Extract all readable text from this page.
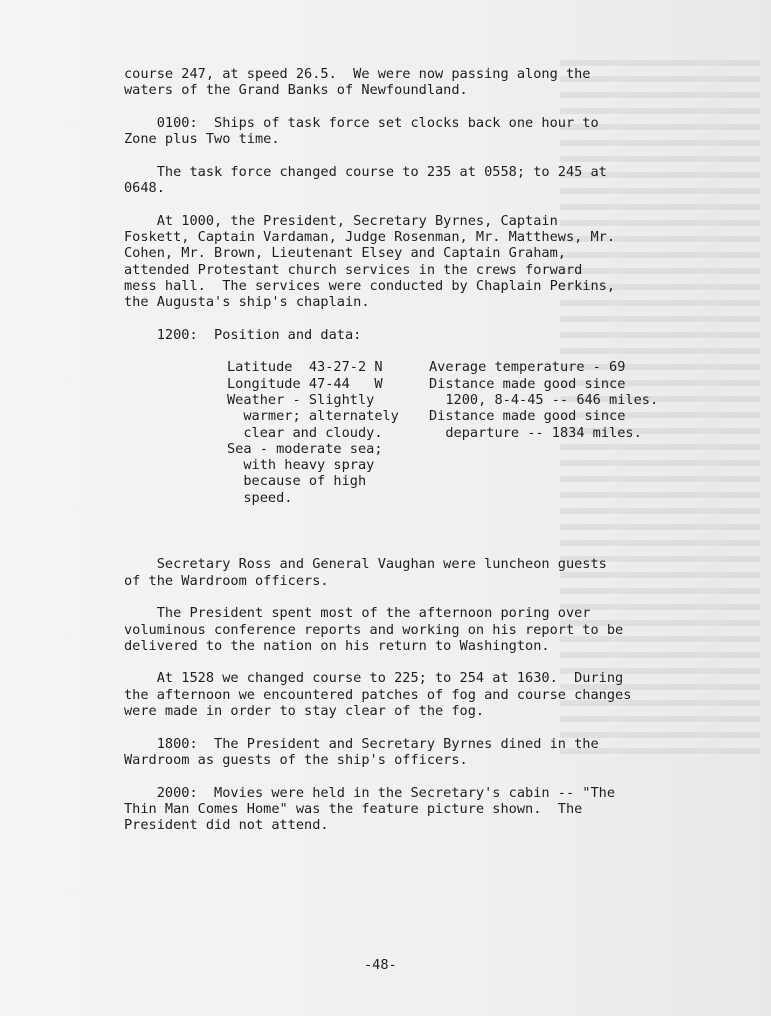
course 247, at speed 26.5.  We were now passing along the
waters of the Grand Banks of Newfoundland.
0100:  Ships of task force set clocks back one hour to
Zone plus Two time.
The task force changed course to 235 at 0558; to 245 at
0648.
At 1000, the President, Secretary Byrnes, Captain
Foskett, Captain Vardaman, Judge Rosenman, Mr. Matthews, Mr.
Cohen, Mr. Brown, Lieutenant Elsey and Captain Graham,
attended Protestant church services in the crews forward
mess hall.  The services were conducted by Chaplain Perkins,
the Augusta's ship's chaplain.
1200:  Position and data:
Latitude  43-27-2 N
Longitude 47-44   W
Weather - Slightly
warmer; alternately
clear and cloudy.
Sea - moderate sea;
with heavy spray
because of high
speed.
Average temperature - 69
Distance made good since
1200, 8-4-45 -- 646 miles.
Distance made good since
departure -- 1834 miles.
Secretary Ross and General Vaughan were luncheon guests
of the Wardroom officers.
The President spent most of the afternoon poring over
voluminous conference reports and working on his report to be
delivered to the nation on his return to Washington.
At 1528 we changed course to 225; to 254 at 1630.  During
the afternoon we encountered patches of fog and course changes
were made in order to stay clear of the fog.
1800:  The President and Secretary Byrnes dined in the
Wardroom as guests of the ship's officers.
2000:  Movies were held in the Secretary's cabin -- "The
Thin Man Comes Home" was the feature picture shown.  The
President did not attend.
-48-
